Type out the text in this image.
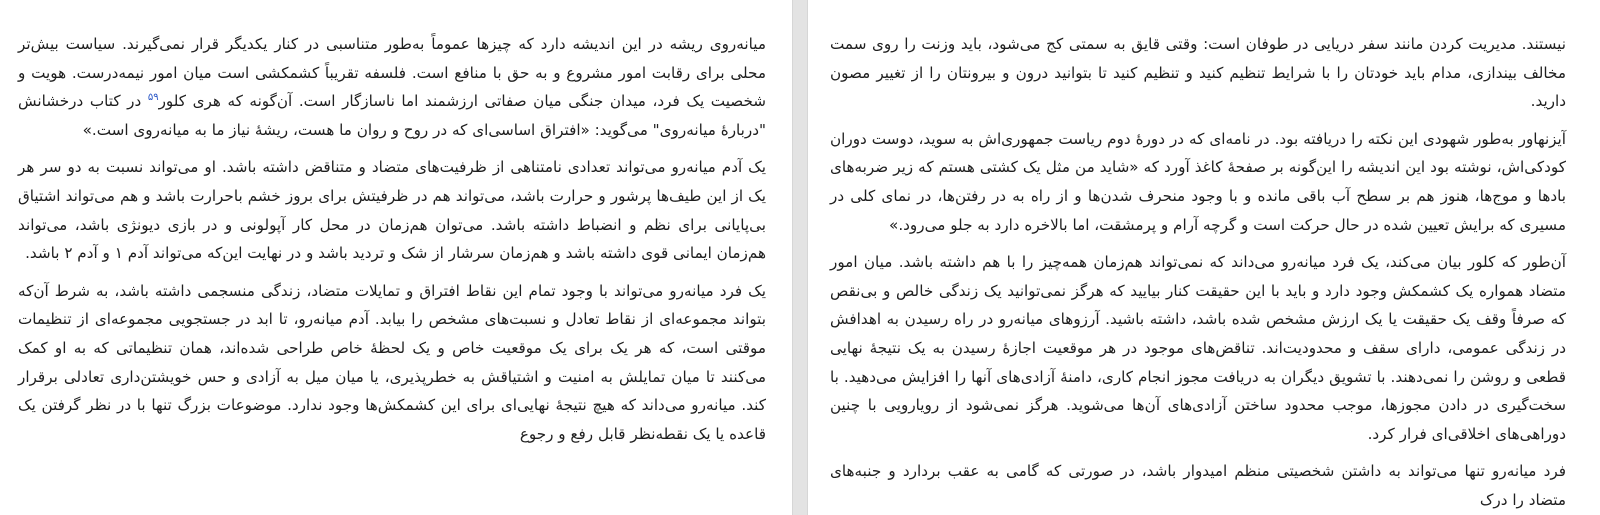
میانه‌روی ریشه در این اندیشه دارد که چیزها عموماً به‌طور متناسبی در کنار یکدیگر قرار نمی‌گیرند. سیاست بیش‌تر محلی برای رقابت امور مشروع و به حق با منافع است. فلسفه تقریباً کشمکشی است میان امور نیمه‌درست. هویت و شخصیت یک فرد، میدان جنگی میان صفاتی ارزشمند اما ناسازگار است. آن‌گونه که هری کلور$^{۵۹}$ در کتاب درخشانش "دربارهٔ میانه‌روی" می‌گوید: «افتراق اساسی‌ای که در روح و روان ما هست، ریشهٔ نیاز ما به میانه‌روی است.»

یک آدم میانه‌رو می‌تواند تعدادی نامتناهی از ظرفیت‌های متضاد و متناقض داشته باشد. او می‌تواند نسبت به دو سر هر یک از این طیف‌ها پرشور و حرارت باشد، می‌تواند هم در ظرفیتش برای بروز خشم باحرارت باشد و هم می‌تواند اشتیاق بی‌پایانی برای نظم و انضباط داشته باشد. می‌توان هم‌زمان در محل کار آپولونی و در بازی دیونژی باشد، می‌تواند هم‌زمان ایمانی قوی داشته باشد و هم‌زمان سرشار از شک و تردید باشد و در نهایت این‌که می‌تواند آدم ۱ و آدم ۲ باشد.

یک فرد میانه‌رو می‌تواند با وجود تمام این نقاط افتراق و تمایلات متضاد، زندگی منسجمی داشته باشد، به شرط آن‌که بتواند مجموعه‌ای از نقاط تعادل و نسبت‌های مشخص را بیابد. آدم میانه‌رو، تا ابد در جستجویی مجموعه‌ای از تنظیمات موقتی است، که هر یک برای یک موقعیت خاص و یک لحظهٔ خاص طراحی شده‌اند، همان تنظیماتی که به او کمک می‌کنند تا میان تمایلش به امنیت و اشتیاقش به خطرپذیری، یا میان میل به آزادی و حس خویشتن‌داری تعادلی برقرار کند. میانه‌رو می‌داند که هیچ نتیجهٔ نهایی‌ای برای این کشمکش‌ها وجود ندارد. موضوعات بزرگ تنها با در نظر گرفتن یک قاعده یا یک نقطه‌نظر قابل رفع و رجوع

نیستند. مدیریت کردن مانند سفر دریایی در طوفان است: وقتی قایق به سمتی کج می‌شود، باید وزنت را روی سمت مخالف بیندازی، مدام باید خودتان را با شرایط تنظیم کنید و تنظیم کنید تا بتوانید درون و بیرونتان را از تغییر مصون دارید.

آیزنهاور به‌طور شهودی این نکته را دریافته بود. در نامه‌ای که در دورهٔ دوم ریاست جمهوری‌اش به سوید، دوست دوران کودکی‌اش، نوشته بود این اندیشه را این‌گونه بر صفحهٔ کاغذ آورد که «شاید من مثل یک کشتی هستم که زیر ضربه‌های بادها و موج‌ها، هنوز هم بر سطح آب باقی مانده و با وجود منحرف شدن‌ها و از راه به در رفتن‌ها، در نمای کلی در مسیری که برایش تعیین شده در حال حرکت است و گرچه آرام و پرمشقت، اما بالاخره دارد به جلو می‌رود.»

آن‌طور که کلور بیان می‌کند، یک فرد میانه‌رو می‌داند که نمی‌تواند هم‌زمان همه‌چیز را با هم داشته باشد. میان امور متضاد همواره یک کشمکش وجود دارد و باید با این حقیقت کنار بیایید که هرگز نمی‌توانید یک زندگی خالص و بی‌نقص که صرفاً وقف یک حقیقت یا یک ارزش مشخص شده باشد، داشته باشید. آرزوهای میانه‌رو در راه رسیدن به اهدافش در زندگی عمومی، دارای سقف و محدودیت‌اند. تناقض‌های موجود در هر موقعیت اجازهٔ رسیدن به یک نتیجهٔ نهایی قطعی و روشن را نمی‌دهند. با تشویق دیگران به دریافت مجوز انجام کاری، دامنهٔ آزادی‌های آنها را افزایش می‌دهید. با سخت‌گیری در دادن مجوزها، موجب محدود ساختن آزادی‌های آن‌ها می‌شوید. هرگز نمی‌شود از رویارویی با چنین دوراهی‌های اخلاقی‌ای فرار کرد.

فرد میانه‌رو تنها می‌تواند به داشتن شخصیتی منظم امیدوار باشد، در صورتی که گامی به عقب بردارد و جنبه‌های متضاد را درک
